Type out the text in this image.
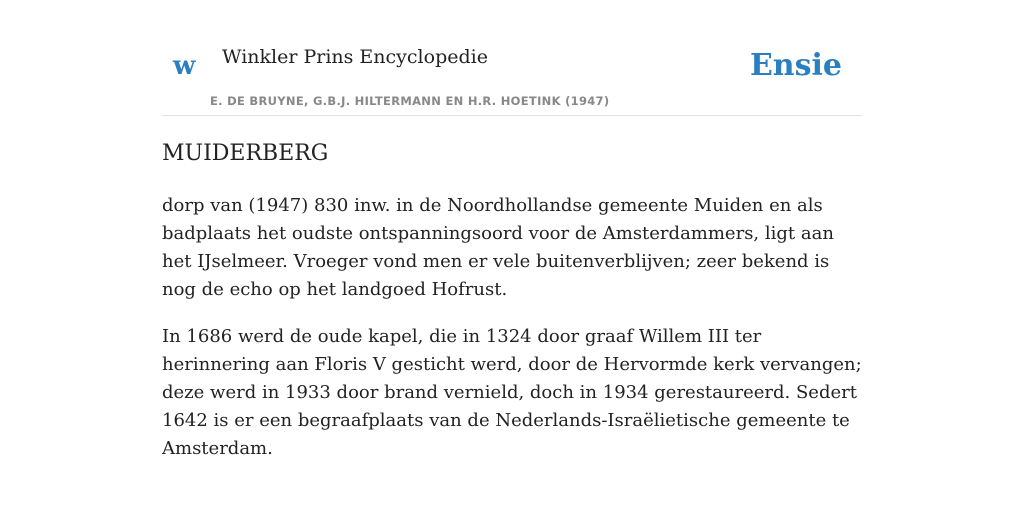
w Winkler Prins Encyclopedie
E. DE BRUYNE, G.B.J. HILTERMANN EN H.R. HOETINK (1947)
Ensie
MUIDERBERG

dorp van (1947) 830 inw. in de Noordhollandse gemeente Muiden en als badplaats het oudste ontspanningsoord voor de Amsterdammers, ligt aan het IJselmeer. Vroeger vond men er vele buitenverblijven; zeer bekend is nog de echo op het landgoed Hofrust.

In 1686 werd de oude kapel, die in 1324 door graaf Willem III ter herinnering aan Floris V gesticht werd, door de Hervormde kerk vervangen; deze werd in 1933 door brand vernield, doch in 1934 gerestaureerd. Sedert 1642 is er een begraafplaats van de Nederlands-Israëlietische gemeente te Amsterdam.
